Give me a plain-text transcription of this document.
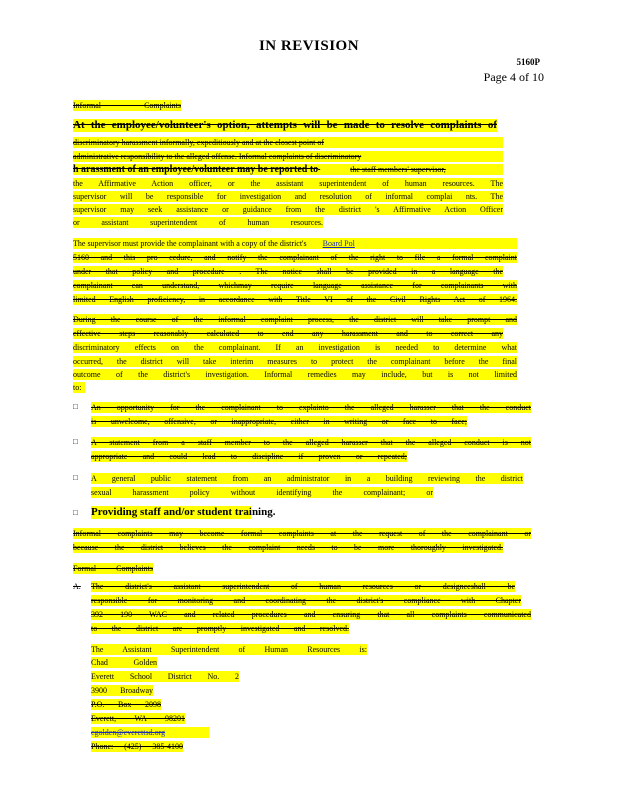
IN REVISION
5160P
Page 4 of 10
Informal Complaints
At the employee/volunteer's option, attempts will be made to resolve complaints of
discriminatory harassment informally, expeditiously and at the closest point of
administrative responsibility to the alleged offense. Informal complaints of discriminatory
h arassment of an employee/volunteer may be reported to	the staff members' supervisor,
the Affirmative Action officer, or the assistant superintendent of human resources. The
supervisor will be responsible for investigation and resolution of informal complai nts. The
supervisor may seek assistance or guidance from the district 's Affirmative Action Officer
or assistant superintendent of human resources.
The supervisor must provide the complainant with a copy of the district's Board Pol
5160 and this pro cedure, and notify the complainant of the right to file a formal complaint
under that policy and procedure . The notice shall be provided in a language the
complainant can understand, whichmay require language assistance for complainants with
limited English proficiency, in accordance with Title VI of the Civil Rights Act of 1964.
During the course of the informal complaint process, the district will take prompt and
effective steps reasonably calculated to end any harassment and to correct any
discriminatory effects on the complainant. If an investigation is needed to determine what
occurred, the district will take interim measures to protect the complainant before the final
outcome of the district's investigation. Informal remedies may include, but is not limited
to:
□ An opportunity for the complainant to explainto the alleged harasser that the conduct
is unwelcome, offensive, or inappropriate, either in writing or face to face;
□ A statement from a staff member to the alleged harasser that the alleged conduct is not
appropriate and could lead to discipline if proven or repeated;
□ A general public statement from an administrator in a building reviewing the district
sexual harassment policy without identifying the complainant; or
□ Providing staff and/or student training.
Informal complaints may become formal complaints at the request of the complainant or
because the district believes the complaint needs to be more thoroughly investigated.
Formal Complaints
A. The district's assistant superintendent of human resources or designeeshall be
responsible for monitoring and coordinating the district's compliance with Chapter
392 190 WAC and related procedures and ensuring that all complaints communicated
to the district are promptly investigated and resolved.
The Assistant Superintendent of Human Resources is:
Chad Golden
Everett School District No. 2
3900 Broadway
P.O. Box 2098
Everett, WA 98201
cgolden@everettsd.org
Phone: (425) 385-4100
